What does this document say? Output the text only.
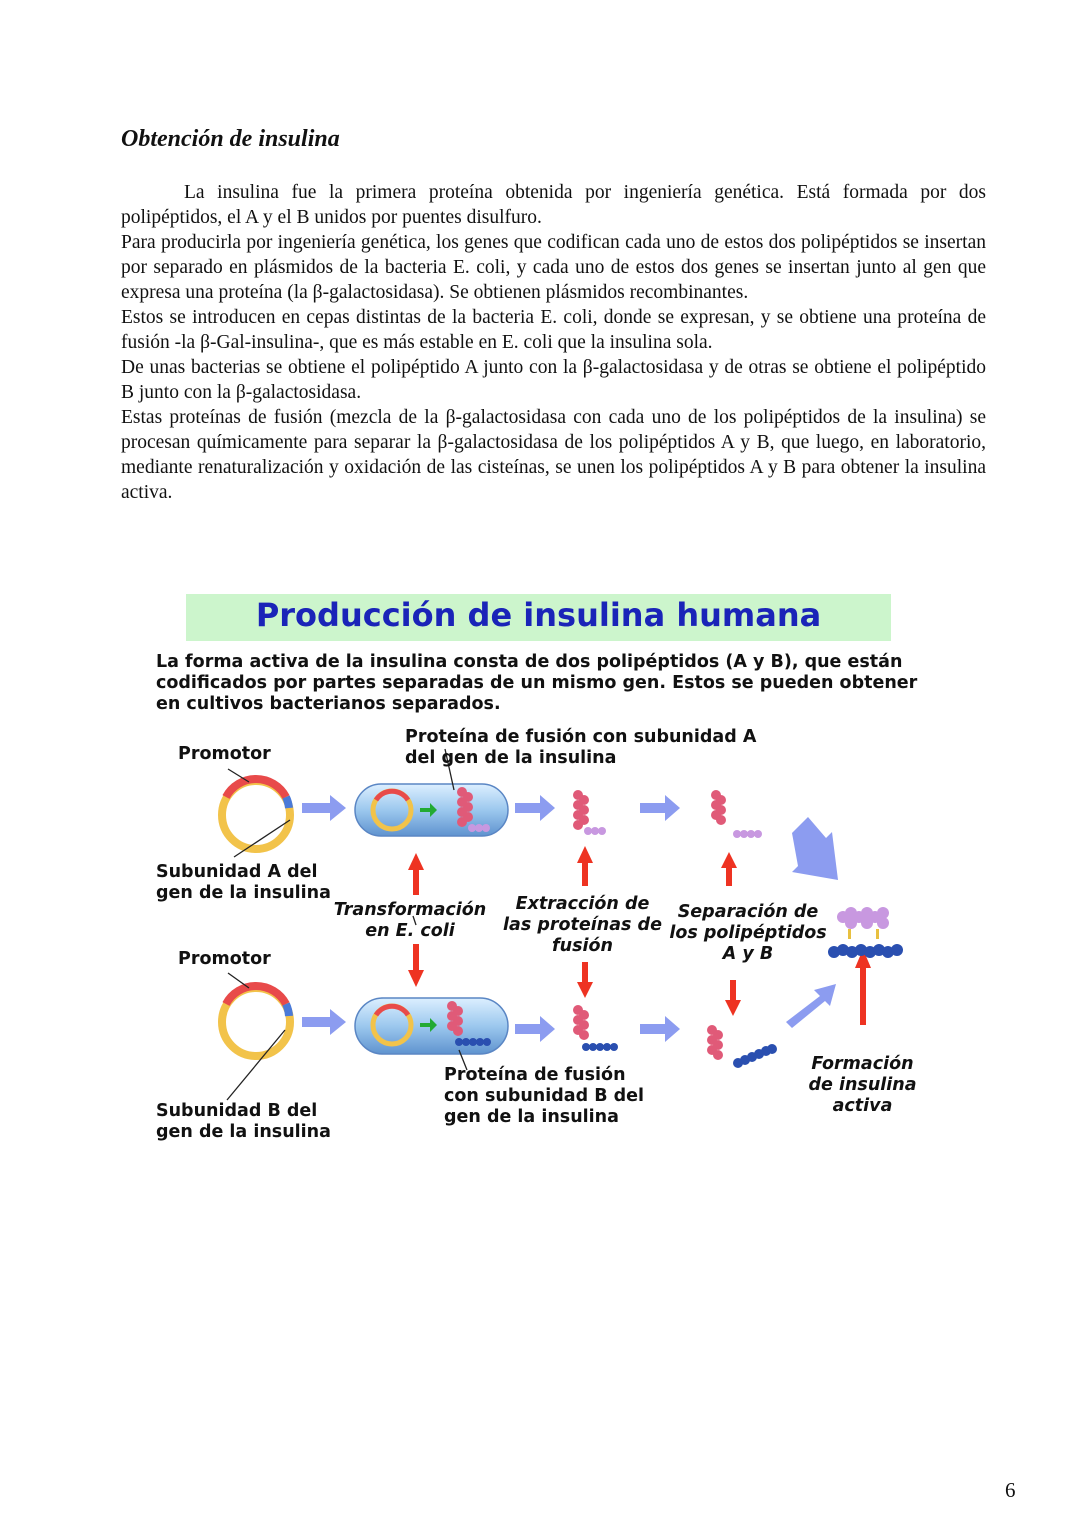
Obtención de insulina

La insulina fue la primera proteína obtenida por ingeniería genética. Está formada por dos polipéptidos, el A y el B unidos por puentes disulfuro.

Para producirla por ingeniería genética, los genes que codifican cada uno de estos dos polipéptidos se insertan por separado en plásmidos de la bacteria E. coli, y cada uno de estos dos genes se insertan junto al gen que expresa una proteína (la β-galactosidasa). Se obtienen plásmidos recombinantes.

Estos se introducen en cepas distintas de la bacteria E. coli, donde se expresan, y se obtiene una proteína de fusión -la β-Gal-insulina-, que es más estable en E. coli que la insulina sola.

De unas bacterias se obtiene el polipéptido A junto con la β-galactosidasa y de otras se obtiene el polipéptido B junto con la β-galactosidasa.

Estas proteínas de fusión (mezcla de la β-galactosidasa con cada uno de los polipéptidos de la insulina) se procesan químicamente para separar la β-galactosidasa de los polipéptidos A y B, que luego, en laboratorio, mediante renaturalización y oxidación de las cisteínas, se unen los polipéptidos A y B para obtener la insulina activa.

Producción de insulina humana
La forma activa de la insulina consta de dos polipéptidos (A y B), que están codificados por partes separadas de un mismo gen. Estos se pueden obtener en cultivos bacterianos separados.
Promotor
Proteína de fusión con subunidad A
del gen de la insulina
Subunidad A del
gen de la insulina
Transformación
en E. coli
Extracción de
las proteínas de
fusión
Separación de
los polipéptidos
A y B
Promotor
Formación
de insulina
activa
Proteína de fusión
con subunidad B del
gen de la insulina
Subunidad B del
gen de la insulina
6
